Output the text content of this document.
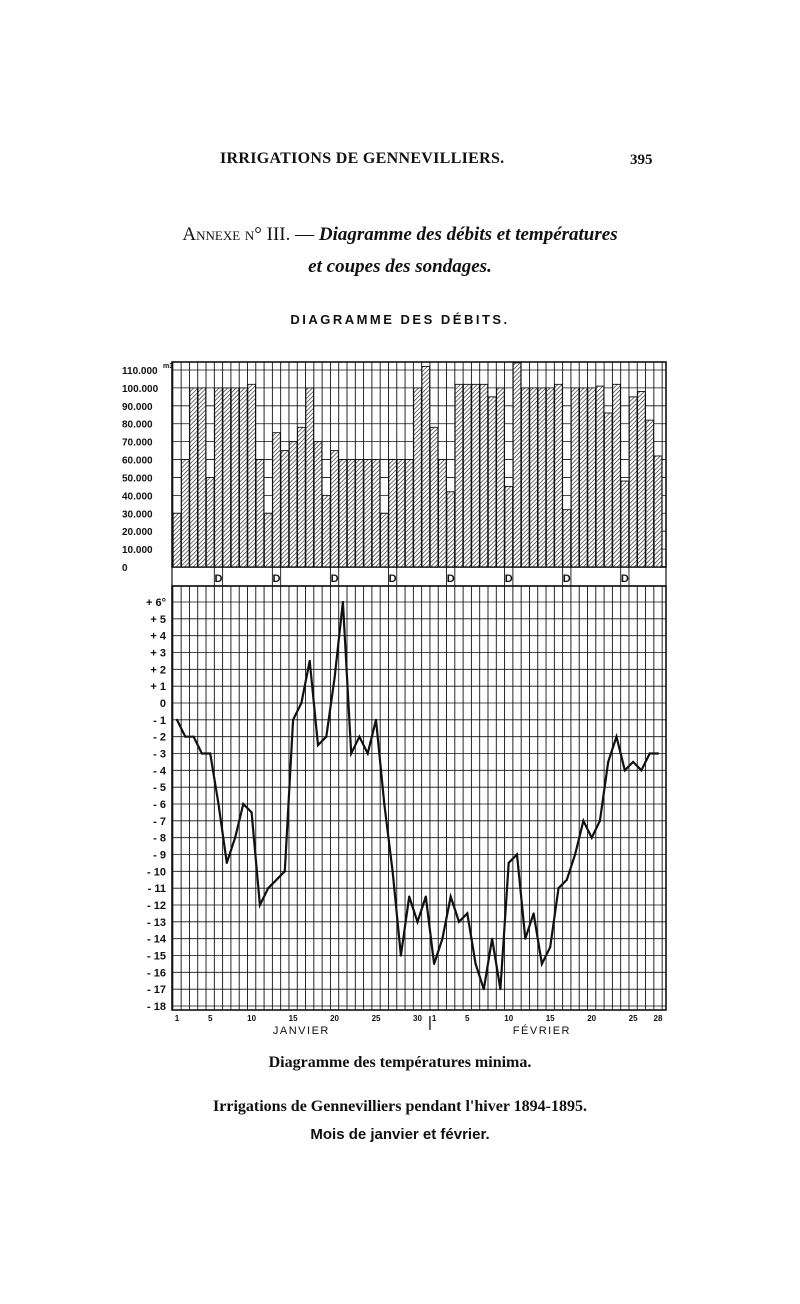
IRRIGATIONS DE GENNEVILLIERS.	395
Annexe n° III. — Diagramme des débits et températures
et coupes des sondages.
DIAGRAMME DES DÉBITS.
0
10.000
20.000
30.000
40.000
50.000
60.000
70.000
80.000
90.000
100.000
110.000 m3
D	D	D	D	D	D	D	D
+ 6°
+ 5
+ 4
+ 3
+ 2
+ 1
0
- 1
- 2
- 3
- 4
- 5
- 6
- 7
- 8
- 9
- 10
- 11
- 12
- 13
- 14
- 15
- 16
- 17
- 18
1	5	10	15	20	25	30 1	5	10	15	20	25 28
JANVIER	FÉVRIER
Diagramme des températures minima.
Irrigations de Gennevilliers pendant l'hiver 1894-1895.
Mois de janvier et février.
